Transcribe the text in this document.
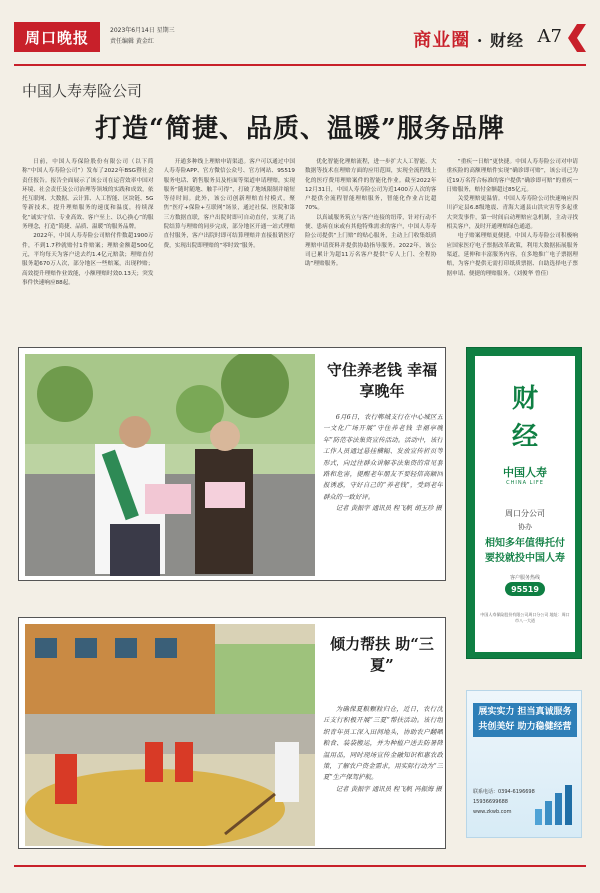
周口晚报	2023年6月14日 星期三
责任编辑 黄金红	商业圈 · 财经 A7
中国人寿寿险公司
打造“简捷、品质、温暖”服务品牌

日前，中国人寿保险股份有限公司（以下简称“中国人寿寿险公司”）发布了2022年BSG暨社会责任报告。报告全面展示了该公司在运营效率中国对环境、社会责任及公司治理等领域的实践和成效，依托互联网、大数据、云计算、人工智能、区块链、5G等新技术，提升理赔服务的速度和温度，持续深化“诚实守信、专业高效、客户至上、以心换心”的服务理念，打造“简捷、品质、温暖”的服务品牌。

2022年，中国人寿寿险公司赔付件数超1900万件，不到1.7秒就赔付1件赔案；理赔金额超500亿元，平均每天为客户送去约1.4亿元赔款；理赔直付服务超670万人次，部分地区一些赔案，出现秒赔；高效提升理赔作业效能，小额理赔时效0.13天；突发事件快速响应88起。

开通多种线上理赔申请渠道。客户可以通过中国人寿寿险APP、官方微信公众号、官方网站、95519服务电话、销售服务员及柜面等渠道申请理赔，实现服务“随时随地、触手可得”，打破了地域限制并缩短等待时间。此外，该公司创新理赔直付模式，聚焦“医疗+保险+互联网”场景，通过社保、医院和第三方数据直联，客户出院时即可自动直付，实现了出院结算与理赔的同步完成，部分地区开通一站式理赔直付服务，客户出院时即可结算理赔并直接报销医疗费，实现出院即理赔的“零时效”服务。

优化智能化理赔流程，进一步扩大人工智能、大数据等技术在理赔方面的应用范围，实现全流程线上化的医疗费用理赔案件的智能化作业。截至2022年12月31日，中国人寿寿险公司为近1400万人次的客户提供全流程智能理赔服务，智能化作业占比超70%。

以真诚服务筑立与客户连接的纽带，针对行动不便、患病在床或有其他特殊需求的客户，中国人寿寿险公司提供“上门赔”的贴心服务，主动上门收集纸质理赔申请资料并提供协助指导服务。2022年，该公司已累计为超11万名客户提供“专人上门、全程协助”理赔服务。

“重疾一日赔”更快捷。中国人寿寿险公司对申请重疾险的高额理赔件实现“确诊即可赔”，该公司已为近19万名符合标准的客户提供“确诊即可赔”的重疾一日赔服务，赔付金额超过85亿元。

关爱理赔更温情。中国人寿寿险公司快速响应四川泸定县6.8级地震、青海大通县山洪灾害等多起重大突发事件，第一时间启动理赔应急机制，主动寻找相关客户，及时开通理赔绿色通道。

电子赔案理赔更便捷。中国人寿寿险公司积极响应国家医疗电子票据改革政策，利用大数据拓展服务渠道，延伸和丰富服务内容，在多地推广电子票据理赔，为客户提供无需打印纸质票据、自助选择电子票据申请、便捷的理赔服务。（刘俊华 曾佳）

守住养老钱 幸福享晚年

6月6日，农行郸城支行在中心城区五一文化广场开展“守住养老钱 幸福享晚年”防范非法集资宣传活动。活动中，该行工作人员通过悬挂横幅、发放宣传折页等形式，向过往群众讲解非法集资的常见套路和危害，提醒老年朋友不要轻信高额回报诱惑，守好自己的“养老钱”，受到老年群众的一致好评。

记者 黄振宇 通讯员 程飞帆 胡玉珍 摄

倾力帮扶 助“三夏”

为确保夏粮颗粒归仓，近日，农行沈丘支行积极开展“三夏”帮扶活动。该行组织青年员工深入田间地头，协助农户翻晒粮食、装袋搬运，并为种植户送去防暑降温用品，同时现场宣传金融知识和惠农政策，了解农户资金需求，用实际行动为“三夏”生产保驾护航。

记者 黄振宇 通讯员 程飞帆 冯振海 摄

财
经
中国人寿
CHINA LIFE
周口分公司
协办
相知多年值得托付
要投就投中国人寿
客户服务热线
95519
中国人寿保险股份有限公司周口分公司 地址：周口市八一大道
展实实力 担当真诚服务 共创美好 助力稳健经营
联系电话：0394-6196698
15936699688
www.zkwb.com
